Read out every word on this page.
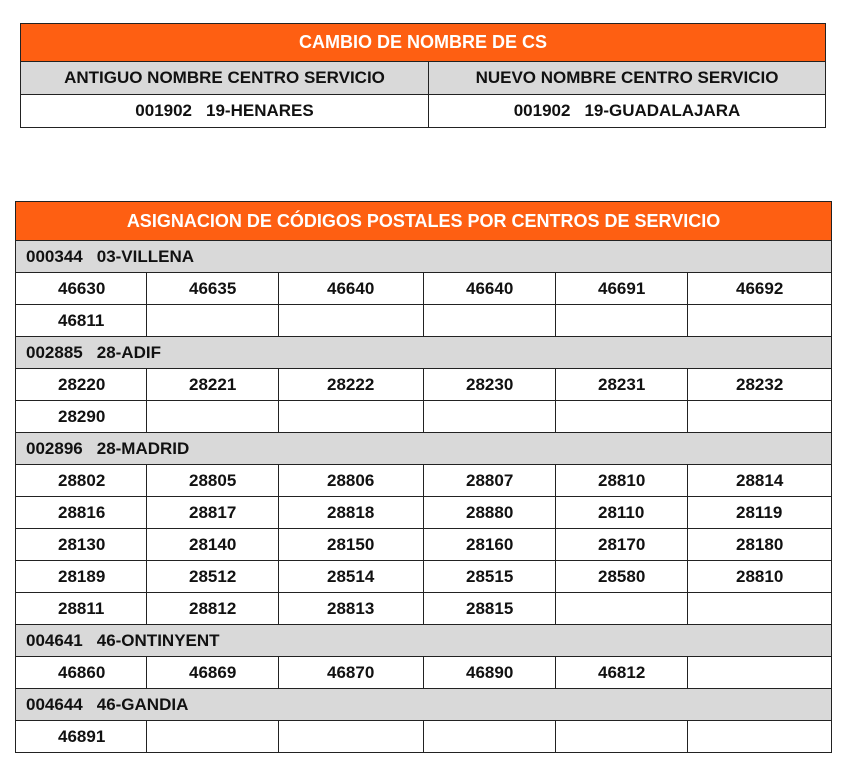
CAMBIO DE NOMBRE DE CS	
ANTIGUO NOMBRE CENTRO SERVICIO	NUEVO NOMBRE CENTRO SERVICIO
001902 19-HENARES	001902 19-GUADALAJARA
ASIGNACION DE CÓDIGOS POSTALES POR CENTROS DE SERVICIO					
000344 03-VILLENA					
46630	46635	46640	46640	46691	46692
46811					
002885 28-ADIF					
28220	28221	28222	28230	28231	28232
28290					
002896 28-MADRID					
28802	28805	28806	28807	28810	28814
28816	28817	28818	28880	28110	28119
28130	28140	28150	28160	28170	28180
28189	28512	28514	28515	28580	28810
28811	28812	28813	28815		
004641 46-ONTINYENT					
46860	46869	46870	46890	46812	
004644 46-GANDIA					
46891					
